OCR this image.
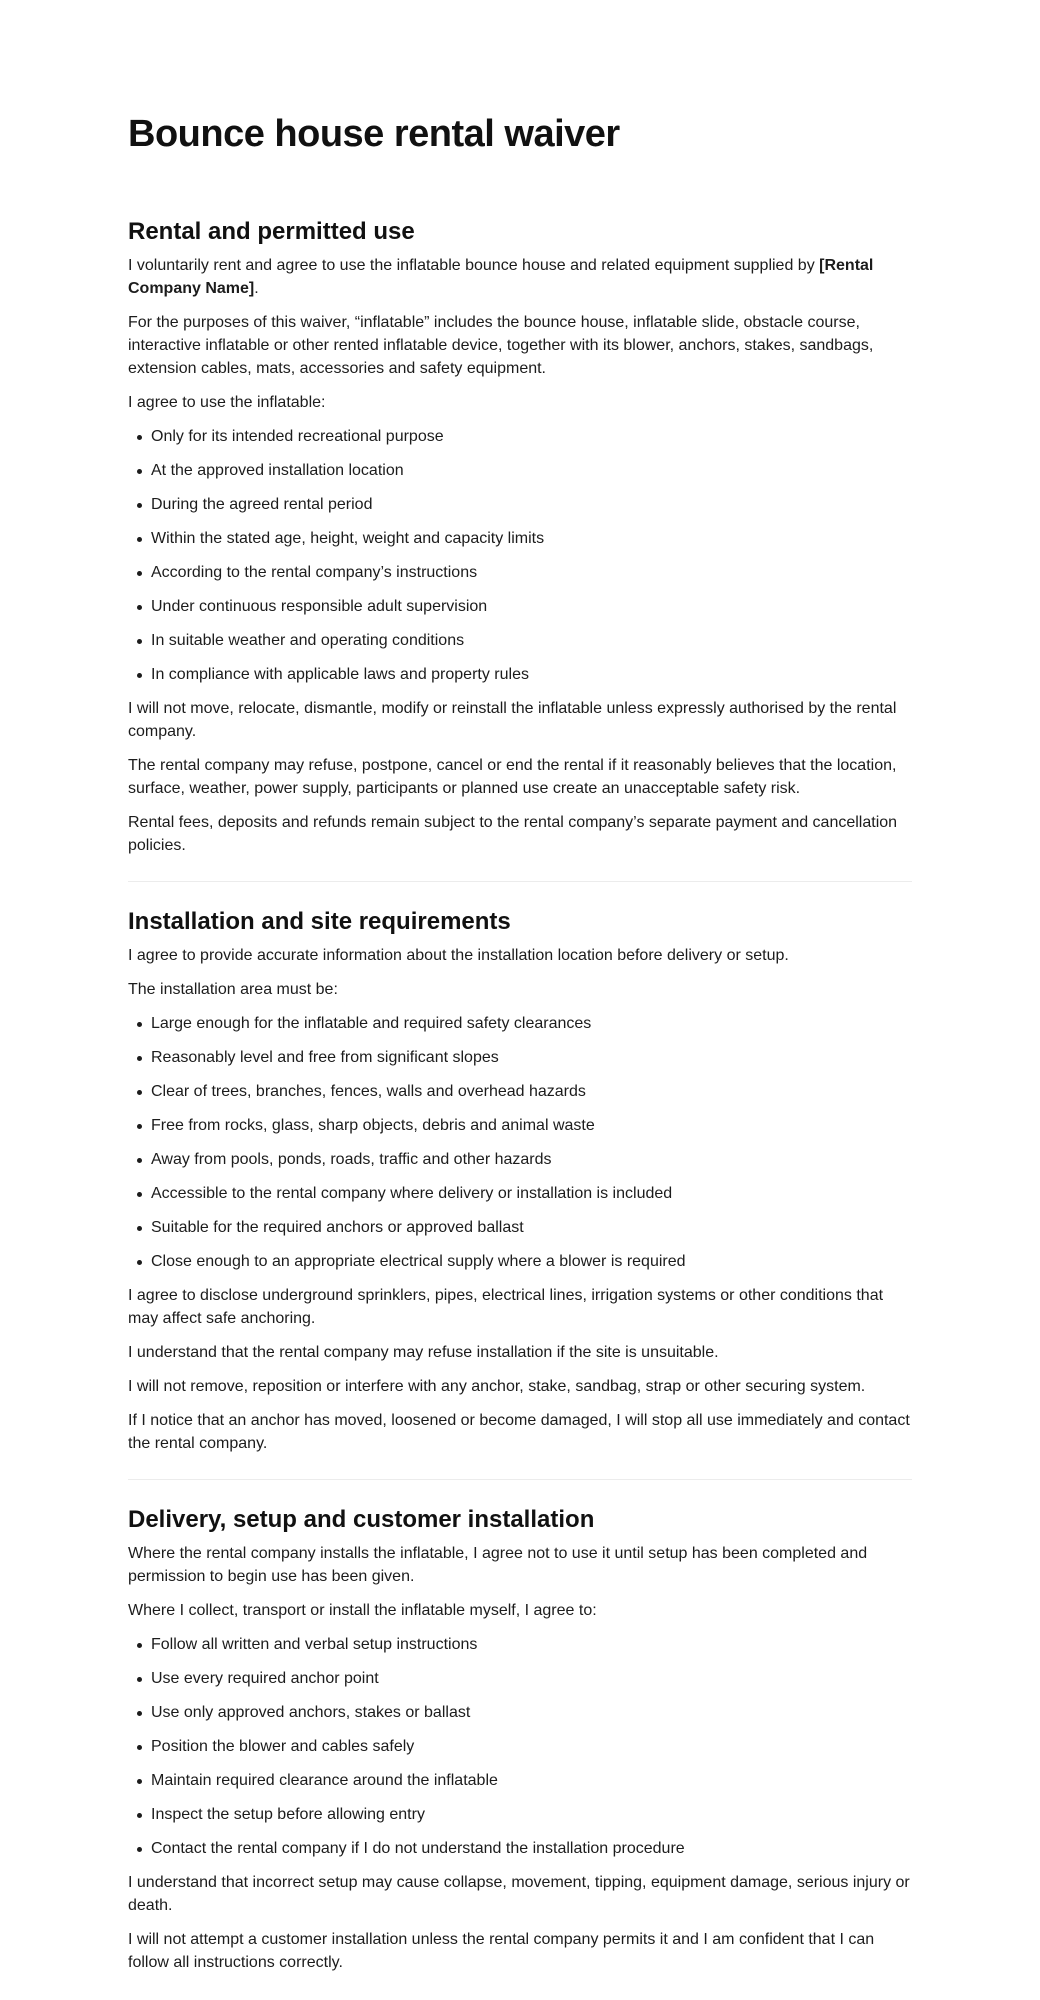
Bounce house rental waiver
Rental and permitted use

I voluntarily rent and agree to use the inflatable bounce house and related equipment supplied by [Rental Company Name].

For the purposes of this waiver, “inflatable” includes the bounce house, inflatable slide, obstacle course, interactive inflatable or other rented inflatable device, together with its blower, anchors, stakes, sandbags, extension cables, mats, accessories and safety equipment.

I agree to use the inflatable:

Only for its intended recreational purpose
At the approved installation location
During the agreed rental period
Within the stated age, height, weight and capacity limits
According to the rental company’s instructions
Under continuous responsible adult supervision
In suitable weather and operating conditions
In compliance with applicable laws and property rules

I will not move, relocate, dismantle, modify or reinstall the inflatable unless expressly authorised by the rental company.

The rental company may refuse, postpone, cancel or end the rental if it reasonably believes that the location, surface, weather, power supply, participants or planned use create an unacceptable safety risk.

Rental fees, deposits and refunds remain subject to the rental company’s separate payment and cancellation policies.

Installation and site requirements

I agree to provide accurate information about the installation location before delivery or setup.

The installation area must be:

Large enough for the inflatable and required safety clearances
Reasonably level and free from significant slopes
Clear of trees, branches, fences, walls and overhead hazards
Free from rocks, glass, sharp objects, debris and animal waste
Away from pools, ponds, roads, traffic and other hazards
Accessible to the rental company where delivery or installation is included
Suitable for the required anchors or approved ballast
Close enough to an appropriate electrical supply where a blower is required

I agree to disclose underground sprinklers, pipes, electrical lines, irrigation systems or other conditions that may affect safe anchoring.

I understand that the rental company may refuse installation if the site is unsuitable.

I will not remove, reposition or interfere with any anchor, stake, sandbag, strap or other securing system.

If I notice that an anchor has moved, loosened or become damaged, I will stop all use immediately and contact the rental company.

Delivery, setup and customer installation

Where the rental company installs the inflatable, I agree not to use it until setup has been completed and permission to begin use has been given.

Where I collect, transport or install the inflatable myself, I agree to:

Follow all written and verbal setup instructions
Use every required anchor point
Use only approved anchors, stakes or ballast
Position the blower and cables safely
Maintain required clearance around the inflatable
Inspect the setup before allowing entry
Contact the rental company if I do not understand the installation procedure

I understand that incorrect setup may cause collapse, movement, tipping, equipment damage, serious injury or death.

I will not attempt a customer installation unless the rental company permits it and I am confident that I can follow all instructions correctly.
